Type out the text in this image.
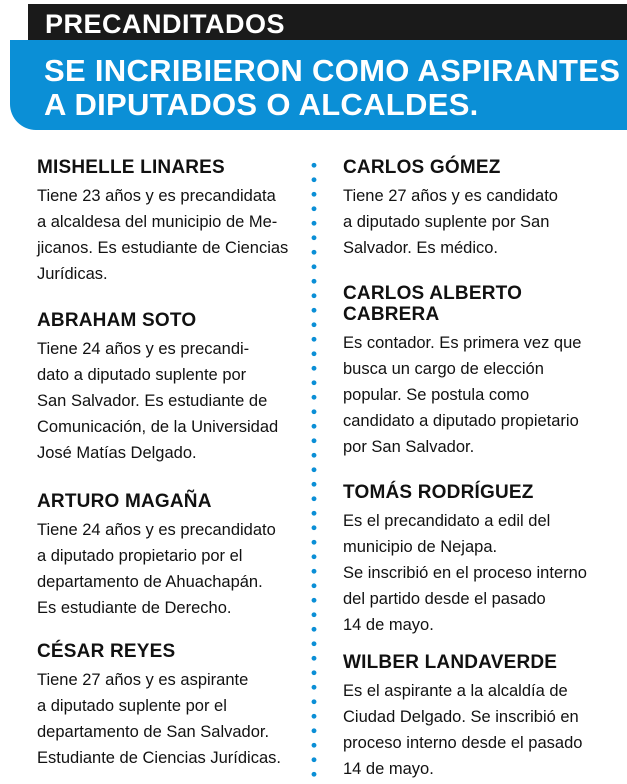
PRECANDITADOS
SE INCRIBIERON COMO ASPIRANTES
A DIPUTADOS O ALCALDES.
MISHELLE LINARES
Tiene 23 años y es precandidata
a alcaldesa del municipio de Me-
jicanos. Es estudiante de Ciencias
Jurídicas.
ABRAHAM SOTO
Tiene 24 años y es precandi-
dato a diputado suplente por
San Salvador. Es estudiante de
Comunicación, de la Universidad
José Matías Delgado.
ARTURO MAGAÑA
Tiene 24 años y es precandidato
a diputado propietario por el
departamento de Ahuachapán.
Es estudiante de Derecho.
CÉSAR REYES
Tiene 27 años y es aspirante
a diputado suplente por el
departamento de San Salvador.
Estudiante de Ciencias Jurídicas.
CARLOS GÓMEZ
Tiene 27 años y es candidato
a diputado suplente por San
Salvador. Es médico.
CARLOS ALBERTO
CABRERA
Es contador. Es primera vez que
busca un cargo de elección
popular. Se postula como
candidato a diputado propietario
por San Salvador.
TOMÁS RODRÍGUEZ
Es el precandidato a edil del
municipio de Nejapa.
Se inscribió en el proceso interno
del partido desde el pasado
14 de mayo.
WILBER LANDAVERDE
Es el aspirante a la alcaldía de
Ciudad Delgado. Se inscribió en
proceso interno desde el pasado
14 de mayo.
